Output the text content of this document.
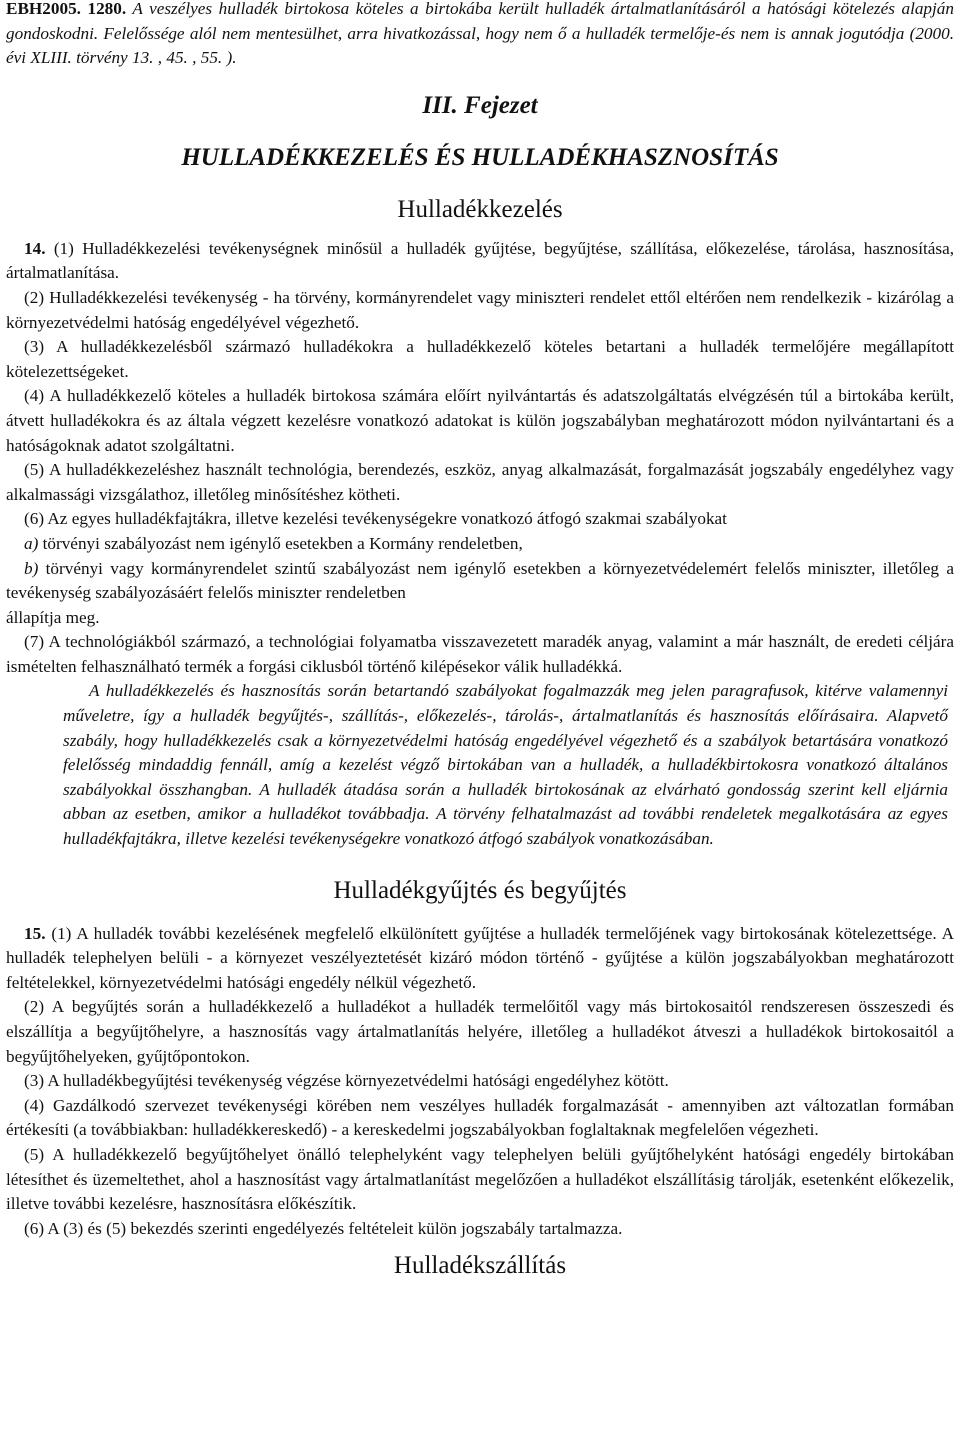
EBH2005. 1280. A veszélyes hulladék birtokosa köteles a birtokába került hulladék ártalmatlanításáról a hatósági kötelezés alapján gondoskodni. Felelőssége alól nem mentesülhet, arra hivatkozással, hogy nem ő a hulladék termelője-és nem is annak jogutódja (2000. évi XLIII. törvény 13. , 45. , 55. ).

III. Fejezet
HULLADÉKKEZELÉS ÉS HULLADÉKHASZNOSÍTÁS
Hulladékkezelés

14. (1) Hulladékkezelési tevékenységnek minősül a hulladék gyűjtése, begyűjtése, szállítása, előkezelése, tárolása, hasznosítása, ártalmatlanítása.

(2) Hulladékkezelési tevékenység - ha törvény, kormányrendelet vagy miniszteri rendelet ettől eltérően nem rendelkezik - kizárólag a környezetvédelmi hatóság engedélyével végezhető.

(3) A hulladékkezelésből származó hulladékokra a hulladékkezelő köteles betartani a hulladék termelőjére megállapított kötelezettségeket.

(4) A hulladékkezelő köteles a hulladék birtokosa számára előírt nyilvántartás és adatszolgáltatás elvégzésén túl a birtokába került, átvett hulladékokra és az általa végzett kezelésre vonatkozó adatokat is külön jogszabályban meghatározott módon nyilvántartani és a hatóságoknak adatot szolgáltatni.

(5) A hulladékkezeléshez használt technológia, berendezés, eszköz, anyag alkalmazását, forgalmazását jogszabály engedélyhez vagy alkalmassági vizsgálathoz, illetőleg minősítéshez kötheti.

(6) Az egyes hulladékfajtákra, illetve kezelési tevékenységekre vonatkozó átfogó szakmai szabályokat

a) törvényi szabályozást nem igénylő esetekben a Kormány rendeletben,

b) törvényi vagy kormányrendelet szintű szabályozást nem igénylő esetekben a környezetvédelemért felelős miniszter, illetőleg a tevékenység szabályozásáért felelős miniszter rendeletben

állapítja meg.

(7) A technológiákból származó, a technológiai folyamatba visszavezetett maradék anyag, valamint a már használt, de eredeti céljára ismételten felhasználható termék a forgási ciklusból történő kilépésekor válik hulladékká.

A hulladékkezelés és hasznosítás során betartandó szabályokat fogalmazzák meg jelen paragrafusok, kitérve valamennyi műveletre, így a hulladék begyűjtés-, szállítás-, előkezelés-, tárolás-, ártalmatlanítás és hasznosítás előírásaira. Alapvető szabály, hogy hulladékkezelés csak a környezetvédelmi hatóság engedélyével végezhető és a szabályok betartására vonatkozó felelősség mindaddig fennáll, amíg a kezelést végző birtokában van a hulladék, a hulladékbirtokosra vonatkozó általános szabályokkal összhangban. A hulladék átadása során a hulladék birtokosának az elvárható gondosság szerint kell eljárnia abban az esetben, amikor a hulladékot továbbadja. A törvény felhatalmazást ad további rendeletek megalkotására az egyes hulladékfajtákra, illetve kezelési tevékenységekre vonatkozó átfogó szabályok vonatkozásában.

Hulladékgyűjtés és begyűjtés

15. (1) A hulladék további kezelésének megfelelő elkülönített gyűjtése a hulladék termelőjének vagy birtokosának kötelezettsége. A hulladék telephelyen belüli - a környezet veszélyeztetését kizáró módon történő - gyűjtése a külön jogszabályokban meghatározott feltételekkel, környezetvédelmi hatósági engedély nélkül végezhető.

(2) A begyűjtés során a hulladékkezelő a hulladékot a hulladék termelőitől vagy más birtokosaitól rendszeresen összeszedi és elszállítja a begyűjtőhelyre, a hasznosítás vagy ártalmatlanítás helyére, illetőleg a hulladékot átveszi a hulladékok birtokosaitól a begyűjtőhelyeken, gyűjtőpontokon.

(3) A hulladékbegyűjtési tevékenység végzése környezetvédelmi hatósági engedélyhez kötött.

(4) Gazdálkodó szervezet tevékenységi körében nem veszélyes hulladék forgalmazását - amennyiben azt változatlan formában értékesíti (a továbbiakban: hulladékkereskedő) - a kereskedelmi jogszabályokban foglaltaknak megfelelően végezheti.

(5) A hulladékkezelő begyűjtőhelyet önálló telephelyként vagy telephelyen belüli gyűjtőhelyként hatósági engedély birtokában létesíthet és üzemeltethet, ahol a hasznosítást vagy ártalmatlanítást megelőzően a hulladékot elszállításig tárolják, esetenként előkezelik, illetve további kezelésre, hasznosításra előkészítik.

(6) A (3) és (5) bekezdés szerinti engedélyezés feltételeit külön jogszabály tartalmazza.

Hulladékszállítás
